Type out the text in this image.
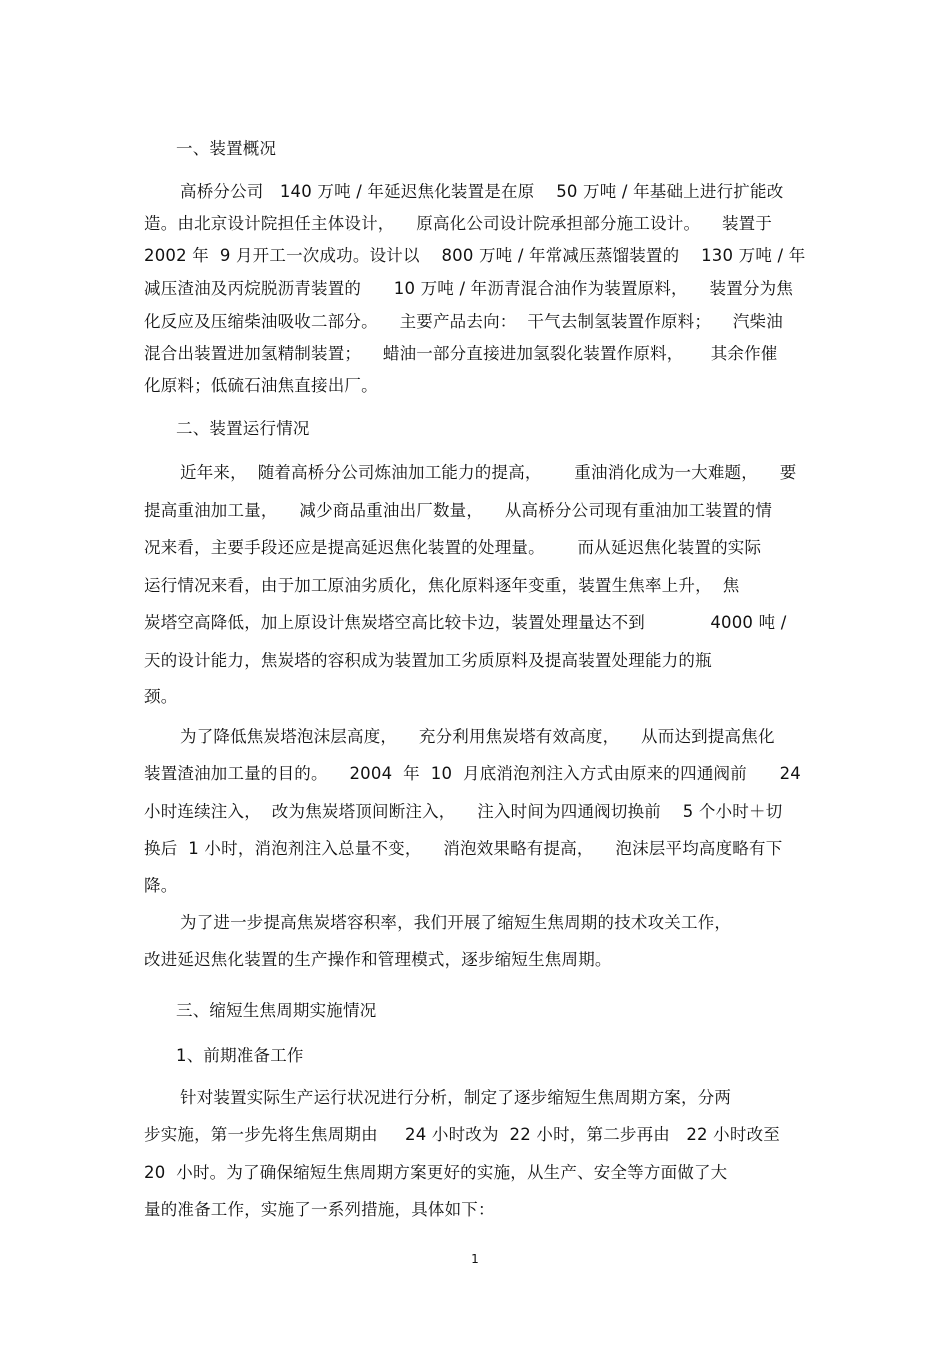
一、装置概况
高桥分公司   140 万吨 / 年延迟焦化装置是在原    50 万吨 / 年基础上进行扩能改
造。由北京设计院担任主体设计，    原高化公司设计院承担部分施工设计。    装置于
2002 年  9 月开工一次成功。设计以    800 万吨 / 年常减压蒸馏装置的    130 万吨 / 年
减压渣油及丙烷脱沥青装置的      10 万吨 / 年沥青混合油作为装置原料，    装置分为焦
化反应及压缩柴油吸收二部分。    主要产品去向：  干气去制氢装置作原料；    汽柴油
混合出装置进加氢精制装置；    蜡油一部分直接进加氢裂化装置作原料，     其余作催
化原料；低硫石油焦直接出厂。
二、装置运行情况
近年来，  随着高桥分公司炼油加工能力的提高，      重油消化成为一大难题，    要
提高重油加工量，    减少商品重油出厂数量，    从高桥分公司现有重油加工装置的情
况来看，主要手段还应是提高延迟焦化装置的处理量。      而从延迟焦化装置的实际
运行情况来看，由于加工原油劣质化，焦化原料逐年变重，装置生焦率上升，  焦
炭塔空高降低，加上原设计焦炭塔空高比较卡边，装置处理量达不到            4000 吨 /
天的设计能力，焦炭塔的容积成为装置加工劣质原料及提高装置处理能力的瓶
颈。
为了降低焦炭塔泡沫层高度，    充分利用焦炭塔有效高度，    从而达到提高焦化
装置渣油加工量的目的。    2004  年  10  月底消泡剂注入方式由原来的四通阀前      24
小时连续注入，  改为焦炭塔顶间断注入，    注入时间为四通阀切换前    5 个小时＋切
换后  1 小时，消泡剂注入总量不变，    消泡效果略有提高，    泡沫层平均高度略有下
降。
为了进一步提高焦炭塔容积率，我们开展了缩短生焦周期的技术攻关工作，
改进延迟焦化装置的生产操作和管理模式，逐步缩短生焦周期。
三、缩短生焦周期实施情况
1、前期准备工作
针对装置实际生产运行状况进行分析，制定了逐步缩短生焦周期方案，分两
步实施，第一步先将生焦周期由     24 小时改为  22 小时，第二步再由   22 小时改至
20  小时。为了确保缩短生焦周期方案更好的实施，从生产、安全等方面做了大
量的准备工作，实施了一系列措施，具体如下：
1
